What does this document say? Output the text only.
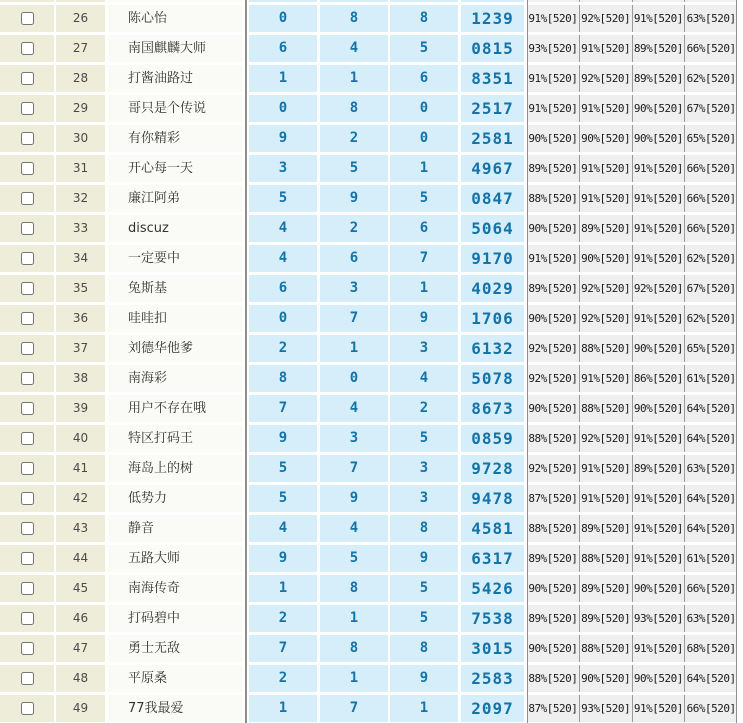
26	陈心怡	0	8	8	1239	91%[520] 92%[520] 91%[520] 63%[520]
27	南国麒麟大师	6	4	5	0815	93%[520] 91%[520] 89%[520] 66%[520]
28	打酱油路过	1	1	6	8351	91%[520] 92%[520] 89%[520] 62%[520]
29	哥只是个传说	0	8	0	2517	91%[520] 91%[520] 90%[520] 67%[520]
30	有你精彩	9	2	0	2581	90%[520] 90%[520] 90%[520] 65%[520]
31	开心每一天	3	5	1	4967	89%[520] 91%[520] 91%[520] 66%[520]
32	廉江阿弟	5	9	5	0847	88%[520] 91%[520] 91%[520] 66%[520]
33	discuz	4	2	6	5064	90%[520] 89%[520] 91%[520] 66%[520]
34	一定要中	4	6	7	9170	91%[520] 90%[520] 91%[520] 62%[520]
35	兔斯基	6	3	1	4029	89%[520] 92%[520] 92%[520] 67%[520]
36	哇哇扣	0	7	9	1706	90%[520] 92%[520] 91%[520] 62%[520]
37	刘德华他爹	2	1	3	6132	92%[520] 88%[520] 90%[520] 65%[520]
38	南海彩	8	0	4	5078	92%[520] 91%[520] 86%[520] 61%[520]
39	用户不存在哦	7	4	2	8673	90%[520] 88%[520] 90%[520] 64%[520]
40	特区打码王	9	3	5	0859	88%[520] 92%[520] 91%[520] 64%[520]
41	海岛上的树	5	7	3	9728	92%[520] 91%[520] 89%[520] 63%[520]
42	低势力	5	9	3	9478	87%[520] 91%[520] 91%[520] 64%[520]
43	静音	4	4	8	4581	88%[520] 89%[520] 91%[520] 64%[520]
44	五路大师	9	5	9	6317	89%[520] 88%[520] 91%[520] 61%[520]
45	南海传奇	1	8	5	5426	90%[520] 89%[520] 90%[520] 66%[520]
46	打码碧中	2	1	5	7538	89%[520] 89%[520] 93%[520] 63%[520]
47	勇士无敌	7	8	8	3015	90%[520] 88%[520] 91%[520] 68%[520]
48	平原桑	2	1	9	2583	88%[520] 90%[520] 90%[520] 64%[520]
49	77我最爱	1	7	1	2097	87%[520] 93%[520] 91%[520] 66%[520]
